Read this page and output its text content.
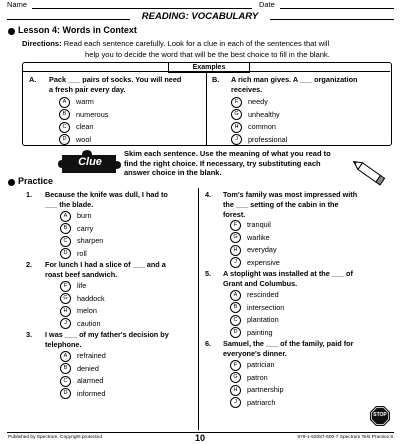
Name	Date
READING: VOCABULARY
Lesson 4: Words in Context
Directions: Read each sentence carefully. Look for a clue in each of the sentences that will
help you to decide the word that will be the best choice to fill in the blank.
Examples
A. Pack ___ pairs of socks. You will need
a fresh pair every day.
A warm
B numerous
C clean
D wool
B. A rich man gives. A ___ organization
receives.
F needy
G unhealthy
H common
J professional
Clue
Skim each sentence. Use the meaning of what you read to
find the right choice. If necessary, try substituting each
answer choice in the blank.
Practice
1. Because the knife was dull, I had to
___ the blade.
A burn
B carry
C sharpen
D roll
2. For lunch I had a slice of ___ and a
roast beef sandwich.
F life
G haddock
H melon
J caution
3. I was ___ of my father's decision by
telephone.
A refrained
B denied
C alarmed
D informed
4. Tom's family was most impressed with
the ___ setting of the cabin in the
forest.
F tranquil
G warlike
H everyday
J expensive
5. A stoplight was installed at the ___ of
Grant and Columbus.
A rescinded
B intersection
C plantation
D painting
6. Samuel, the ___ of the family, paid for
everyone's dinner.
F patrician
G patron
H partnership
J patriarch
STOP
Published by Spectrum. Copyright protected.	10	978-1-62057-600-7 Spectrum Test Practice 8
